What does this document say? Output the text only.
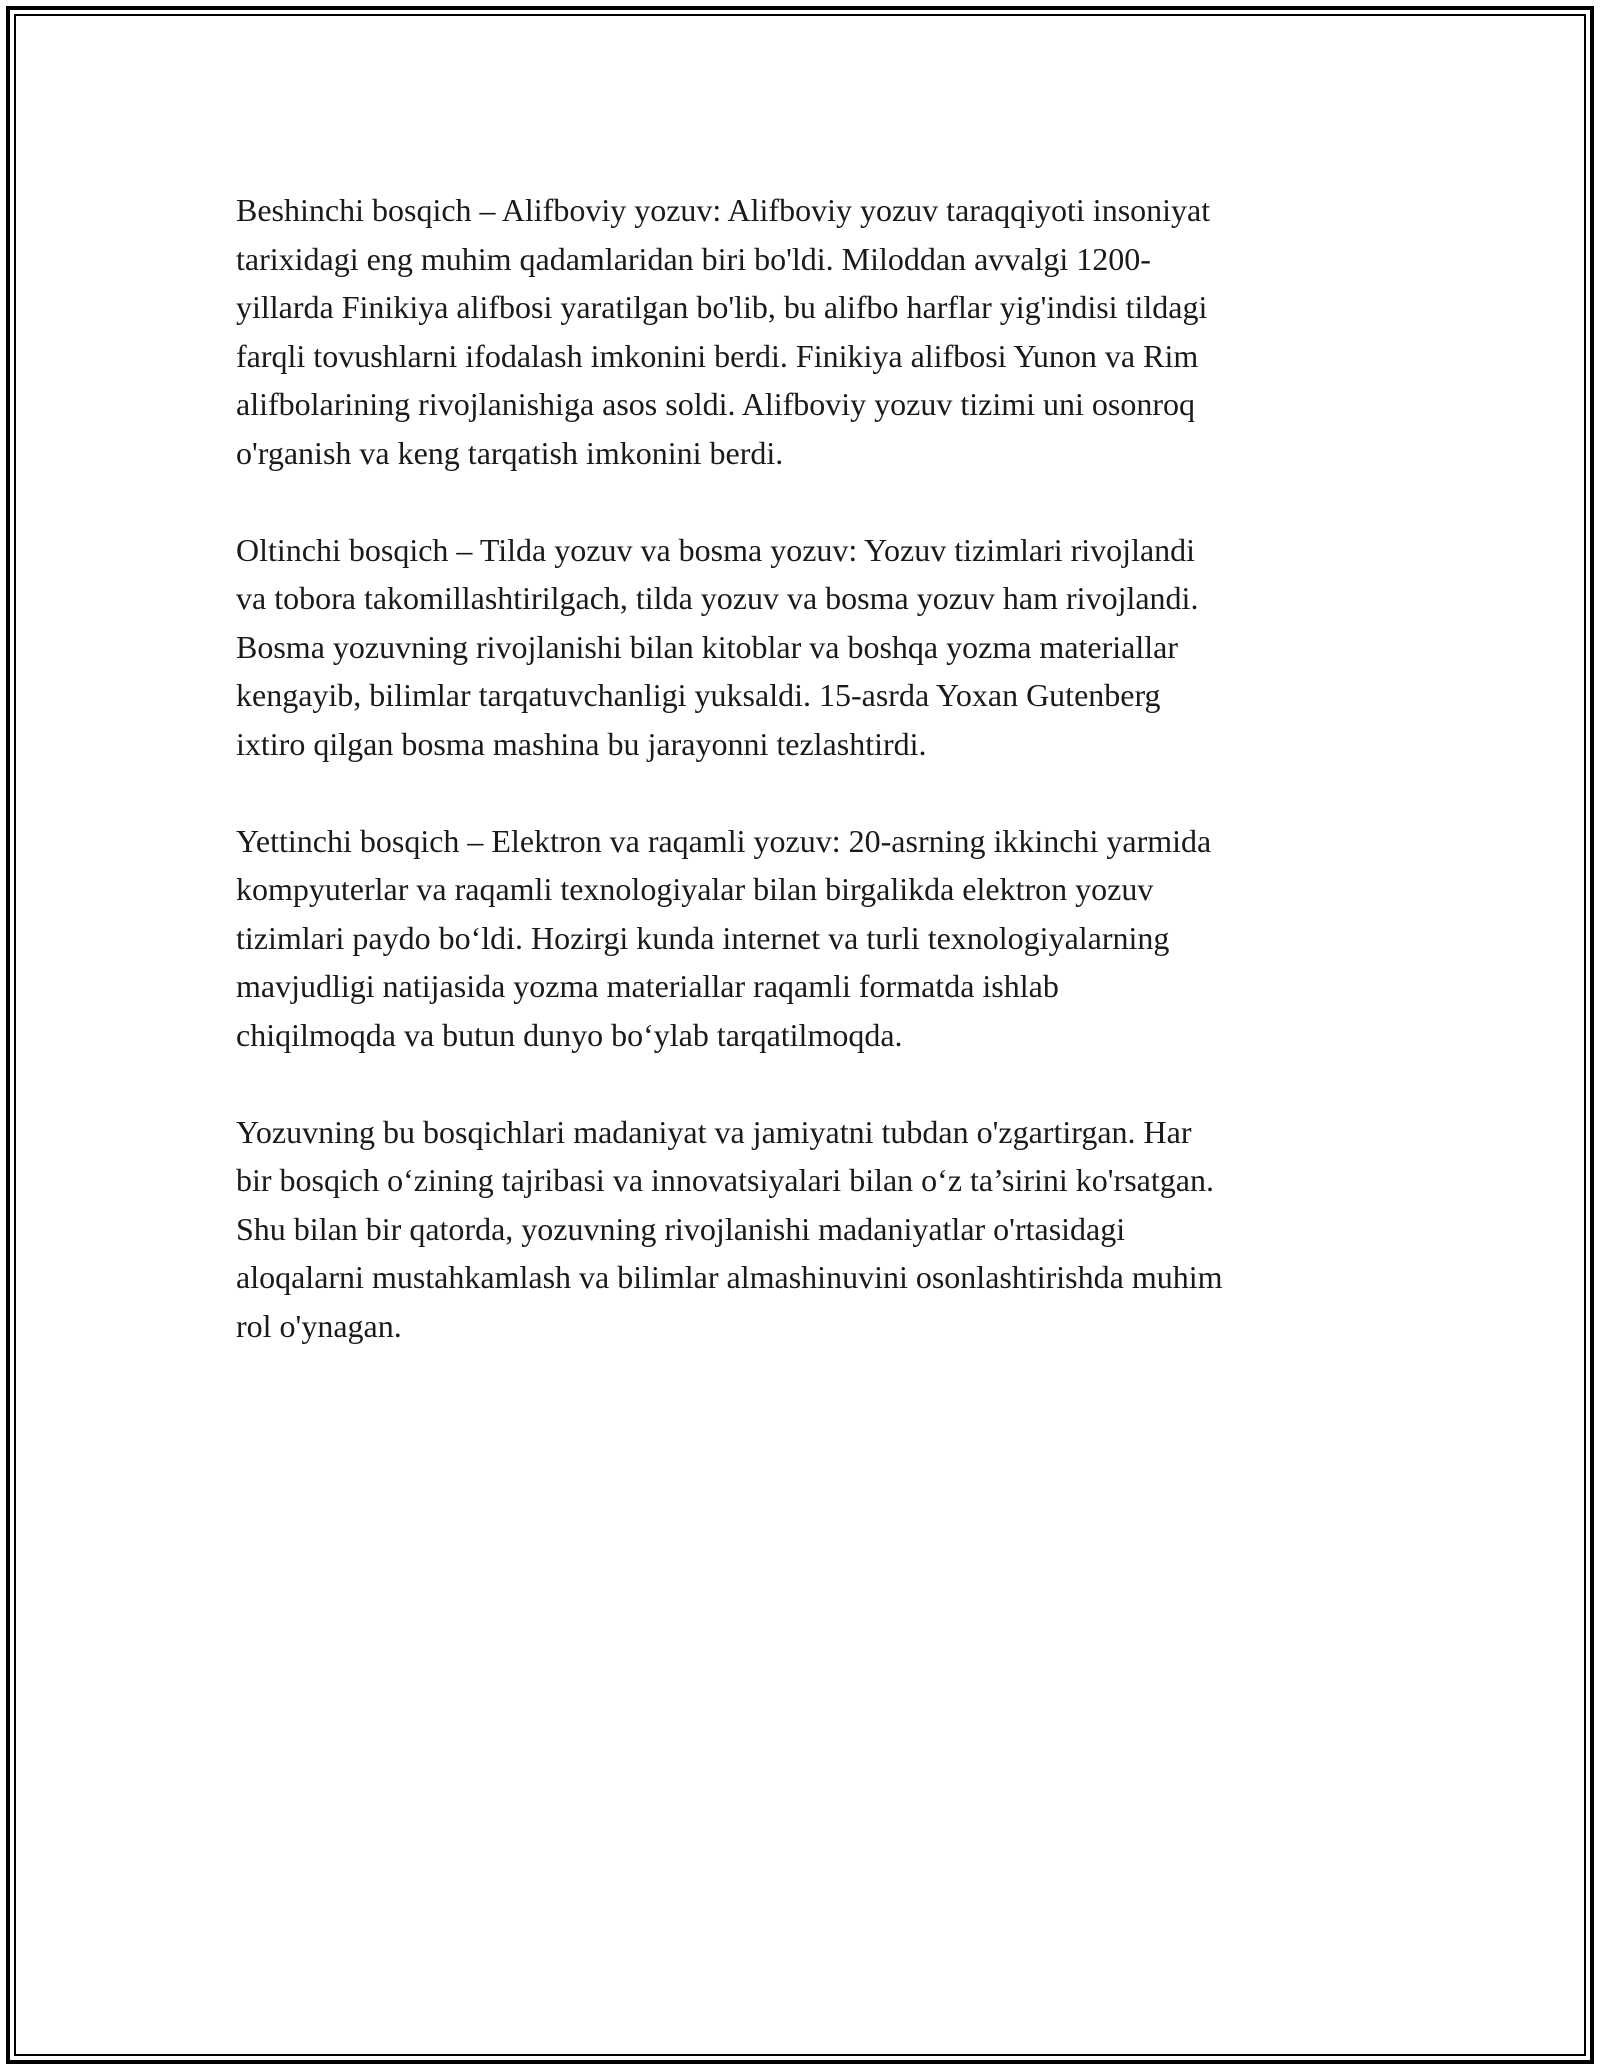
Beshinchi bosqich – Alifboviy yozuv: Alifboviy yozuv taraqqiyoti insoniyat
tarixidagi eng muhim qadamlaridan biri bo'ldi. Miloddan avvalgi 1200-
yillarda Finikiya alifbosi yaratilgan bo'lib, bu alifbo harflar yig'indisi tildagi
farqli tovushlarni ifodalash imkonini berdi. Finikiya alifbosi Yunon va Rim
alifbolarining rivojlanishiga asos soldi. Alifboviy yozuv tizimi uni osonroq
o'rganish va keng tarqatish imkonini berdi.

Oltinchi bosqich – Tilda yozuv va bosma yozuv: Yozuv tizimlari rivojlandi
va tobora takomillashtirilgach, tilda yozuv va bosma yozuv ham rivojlandi.
Bosma yozuvning rivojlanishi bilan kitoblar va boshqa yozma materiallar
kengayib, bilimlar tarqatuvchanligi yuksaldi. 15-asrda Yoxan Gutenberg
ixtiro qilgan bosma mashina bu jarayonni tezlashtirdi.

Yettinchi bosqich – Elektron va raqamli yozuv: 20-asrning ikkinchi yarmida
kompyuterlar va raqamli texnologiyalar bilan birgalikda elektron yozuv
tizimlari paydo bo‘ldi. Hozirgi kunda internet va turli texnologiyalarning
mavjudligi natijasida yozma materiallar raqamli formatda ishlab
chiqilmoqda va butun dunyo bo‘ylab tarqatilmoqda.

Yozuvning bu bosqichlari madaniyat va jamiyatni tubdan o'zgartirgan. Har
bir bosqich o‘zining tajribasi va innovatsiyalari bilan o‘z ta’sirini ko'rsatgan.
Shu bilan bir qatorda, yozuvning rivojlanishi madaniyatlar o'rtasidagi
aloqalarni mustahkamlash va bilimlar almashinuvini osonlashtirishda muhim
rol o'ynagan.
